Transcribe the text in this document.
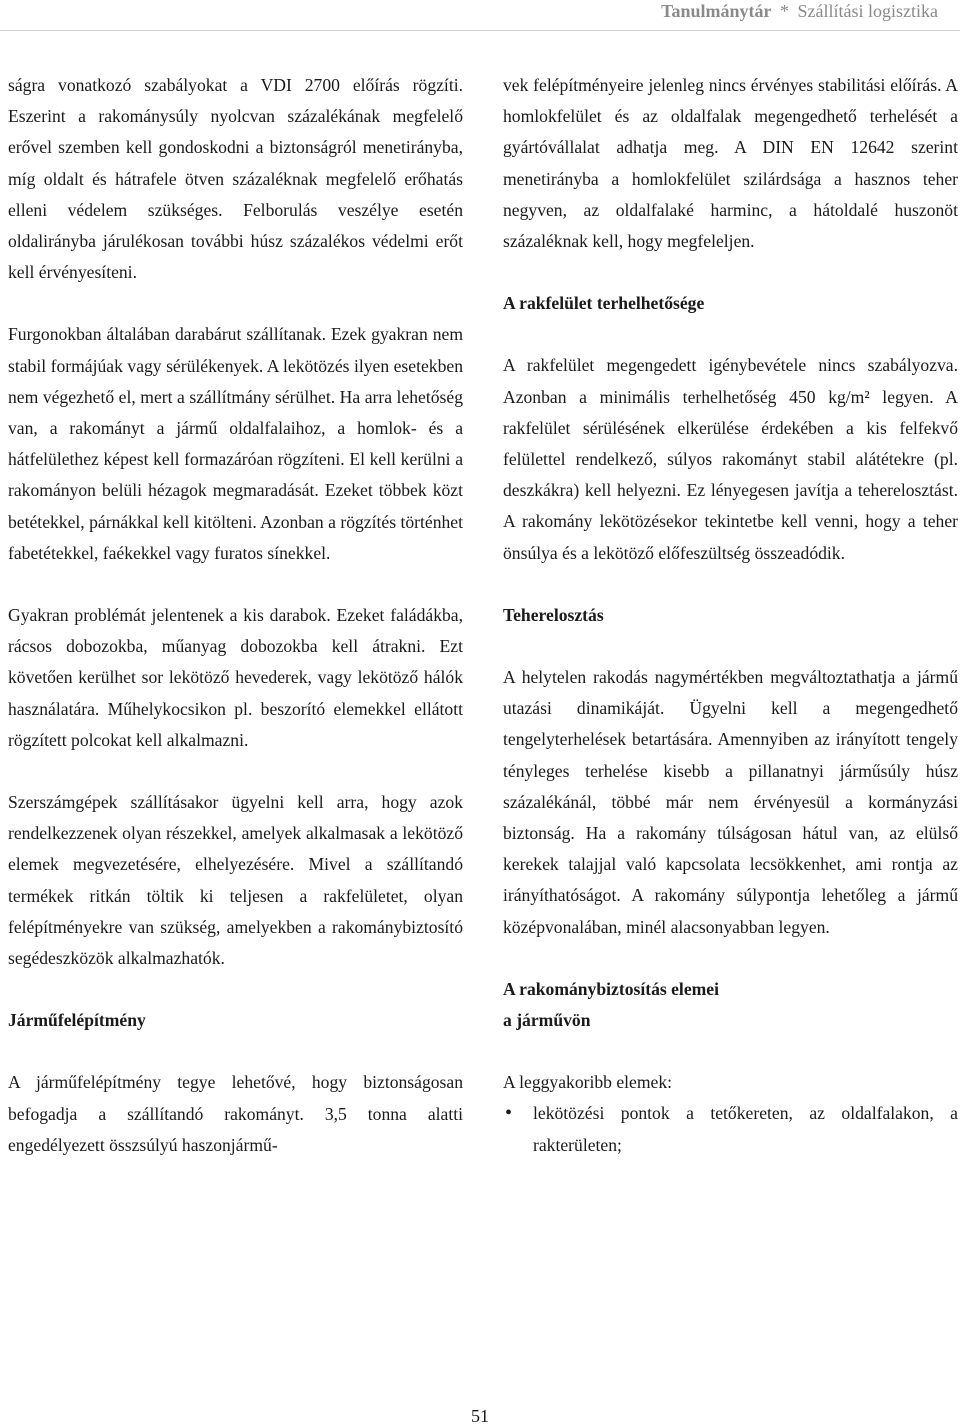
Tanulmánytár * Szállítási logisztika

ságra vonatkozó szabályokat a VDI 2700 előírás rögzíti. Eszerint a rakománysúly nyolcvan százalékának megfelelő erővel szemben kell gondoskodni a biztonságról menetirányba, míg oldalt és hátrafele ötven százaléknak megfelelő erőhatás elleni védelem szükséges. Felborulás veszélye esetén oldalirányba járulékosan további húsz százalékos védelmi erőt kell érvényesíteni.

Furgonokban általában darabárut szállítanak. Ezek gyakran nem stabil formájúak vagy sérülékenyek. A lekötözés ilyen esetekben nem végezhető el, mert a szállítmány sérülhet. Ha arra lehetőség van, a rakományt a jármű oldalfalaihoz, a homlok- és a hátfelülethez képest kell formazáróan rögzíteni. El kell kerülni a rakományon belüli hézagok megmaradását. Ezeket többek közt betétekkel, párnákkal kell kitölteni. Azonban a rögzítés történhet fabetétekkel, faékekkel vagy furatos sínekkel.

Gyakran problémát jelentenek a kis darabok. Ezeket faládákba, rácsos dobozokba, műanyag dobozokba kell átrakni. Ezt követően kerülhet sor lekötöző hevederek, vagy lekötöző hálók használatára. Műhelykocsikon pl. beszorító elemekkel ellátott rögzített polcokat kell alkalmazni.

Szerszámgépek szállításakor ügyelni kell arra, hogy azok rendelkezzenek olyan részekkel, amelyek alkalmasak a lekötöző elemek megvezetésére, elhelyezésére. Mivel a szállítandó termékek ritkán töltik ki teljesen a rakfelületet, olyan felépítményekre van szükség, amelyekben a rakománybiztosító segédeszközök alkalmazhatók.

Járműfelépítmény

A járműfelépítmény tegye lehetővé, hogy biztonságosan befogadja a szállítandó rakományt. 3,5 tonna alatti engedélyezett összsúlyú haszonjármű-

vek felépítményeire jelenleg nincs érvényes stabilitási előírás. A homlokfelület és az oldalfalak megengedhető terhelését a gyártóvállalat adhatja meg. A DIN EN 12642 szerint menetirányba a homlokfelület szilárdsága a hasznos teher negyven, az oldalfalaké harminc, a hátoldalé huszonöt százaléknak kell, hogy megfeleljen.

A rakfelület terhelhetősége

A rakfelület megengedett igénybevétele nincs szabályozva. Azonban a minimális terhelhetőség 450 kg/m² legyen. A rakfelület sérülésének elkerülése érdekében a kis felfekvő felülettel rendelkező, súlyos rakományt stabil alátétekre (pl. deszkákra) kell helyezni. Ez lényegesen javítja a teherelosztást. A rakomány lekötözésekor tekintetbe kell venni, hogy a teher önsúlya és a lekötöző előfeszültség összeadódik.

Teherelosztás

A helytelen rakodás nagymértékben megváltoztathatja a jármű utazási dinamikáját. Ügyelni kell a megengedhető tengelyterhelések betartására. Amennyiben az irányított tengely tényleges terhelése kisebb a pillanatnyi járműsúly húsz százalékánál, többé már nem érvényesül a kormányzási biztonság. Ha a rakomány túlságosan hátul van, az elülső kerekek talajjal való kapcsolata lecsökkenhet, ami rontja az irányíthatóságot. A rakomány súlypontja lehetőleg a jármű középvonalában, minél alacsonyabban legyen.

A rakománybiztosítás elemei
a járművön

A leggyakoribb elemek:

• lekötözési pontok a tetőkereten, az oldalfalakon, a rakterületen;
51
